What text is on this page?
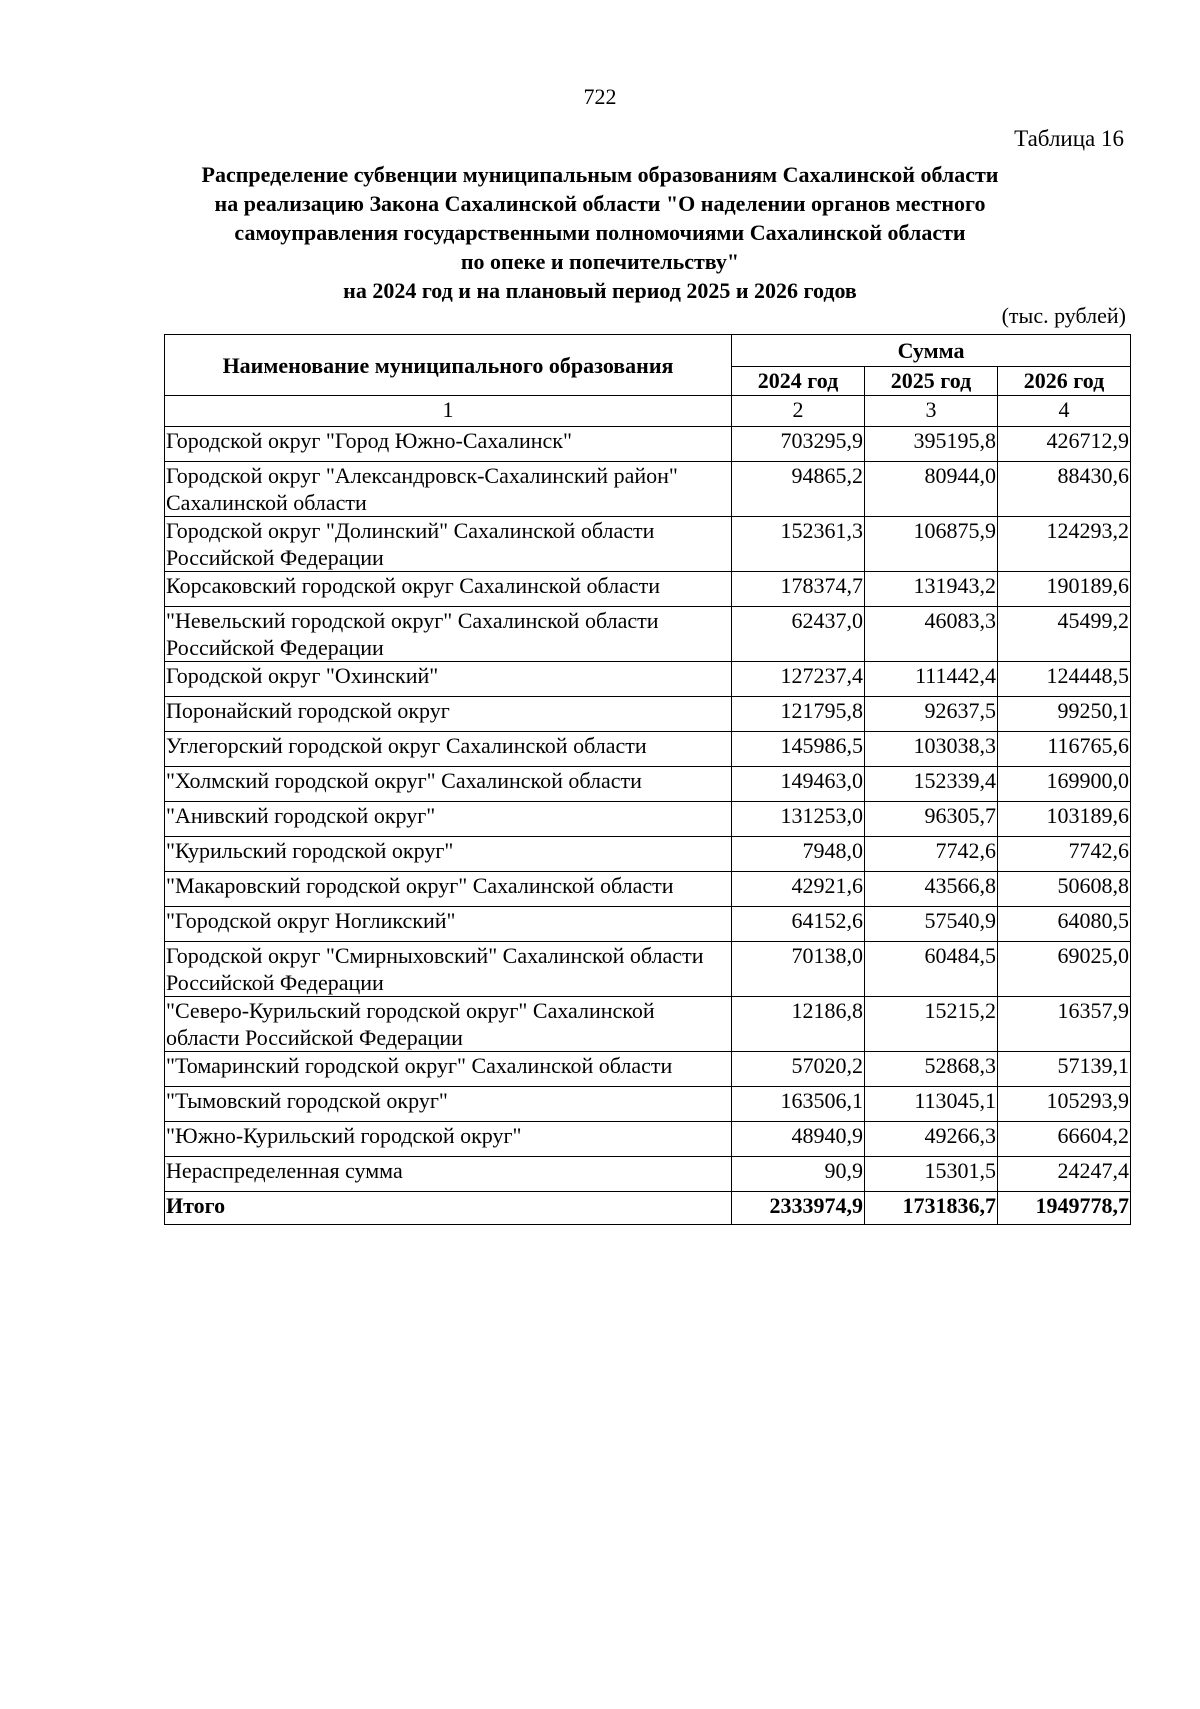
722
Таблица 16
Распределение субвенции муниципальным образованиям Сахалинской области
на реализацию Закона Сахалинской области "О наделении органов местного
самоуправления государственными полномочиями Сахалинской области
по опеке и попечительству"
на 2024 год и на плановый период 2025 и 2026 годов
(тыс. рублей)
Наименование муниципального образования	Сумма		
	2024 год	2025 год	2026 год
1	2	3	4
Городской округ "Город Южно-Сахалинск"	703295,9	395195,8	426712,9
Городской округ "Александровск-Сахалинский район" Сахалинской области	94865,2	80944,0	88430,6
Городской округ "Долинский" Сахалинской области Российской Федерации	152361,3	106875,9	124293,2
Корсаковский городской округ Сахалинской области	178374,7	131943,2	190189,6
"Невельский городской округ" Сахалинской области Российской Федерации	62437,0	46083,3	45499,2
Городской округ "Охинский"	127237,4	111442,4	124448,5
Поронайский городской округ	121795,8	92637,5	99250,1
Углегорский городской округ Сахалинской области	145986,5	103038,3	116765,6
"Холмский городской округ" Сахалинской области	149463,0	152339,4	169900,0
"Анивский городской округ"	131253,0	96305,7	103189,6
"Курильский городской округ"	7948,0	7742,6	7742,6
"Макаровский городской округ" Сахалинской области	42921,6	43566,8	50608,8
"Городской округ Ногликский"	64152,6	57540,9	64080,5
Городской округ "Смирныховский" Сахалинской области Российской Федерации	70138,0	60484,5	69025,0
"Северо-Курильский городской округ" Сахалинской области Российской Федерации	12186,8	15215,2	16357,9
"Томаринский городской округ" Сахалинской области	57020,2	52868,3	57139,1
"Тымовский городской округ"	163506,1	113045,1	105293,9
"Южно-Курильский городской округ"	48940,9	49266,3	66604,2
Нераспределенная сумма	90,9	15301,5	24247,4
Итого	2333974,9	1731836,7	1949778,7
